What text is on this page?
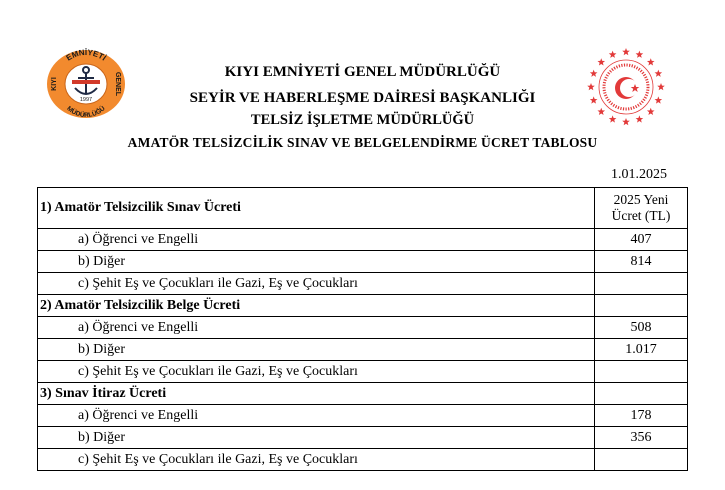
EMNİYETİ
KIYI	GENEL
MÜDÜRLÜĞÜ
1997
KIYI EMNİYETİ GENEL MÜDÜRLÜĞÜ
SEYİR VE HABERLEŞME DAİRESİ BAŞKANLIĞI
TELSİZ İŞLETME MÜDÜRLÜĞÜ
AMATÖR TELSİZCİLİK SINAV VE BELGELENDİRME ÜCRET TABLOSU
1.01.2025
1) Amatör Telsizcilik Sınav Ücreti	2025 Yeni
Ücret (TL)
a) Öğrenci ve Engelli	407
b) Diğer	814
c) Şehit Eş ve Çocukları ile Gazi, Eş ve Çocukları	
2) Amatör Telsizcilik Belge Ücreti	
a) Öğrenci ve Engelli	508
b) Diğer	1.017
c) Şehit Eş ve Çocukları ile Gazi, Eş ve Çocukları	
3) Sınav İtiraz Ücreti	
a) Öğrenci ve Engelli	178
b) Diğer	356
c) Şehit Eş ve Çocukları ile Gazi, Eş ve Çocukları	
